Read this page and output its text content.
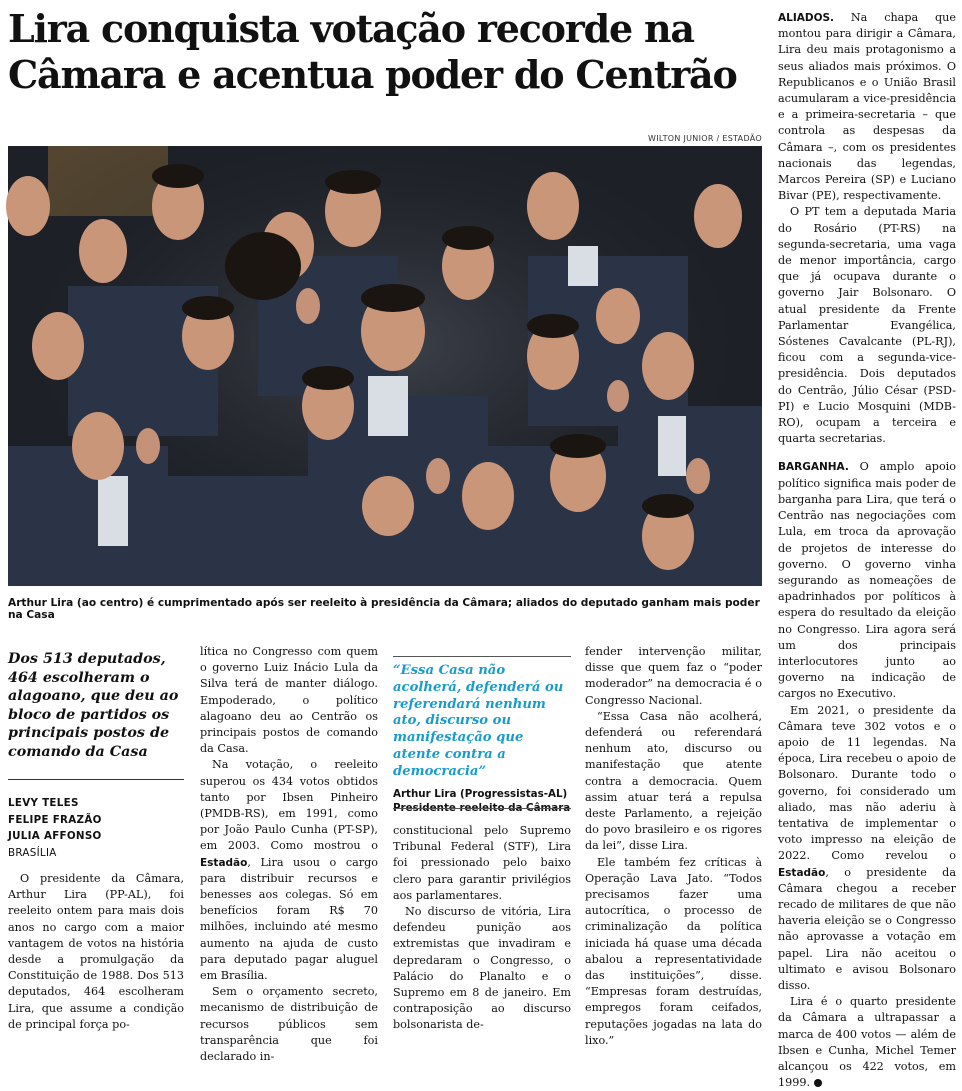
Lira conquista votação recorde na Câmara e acentua poder do Centrão
WILTON JUNIOR / ESTADÃO
Arthur Lira (ao centro) é cumprimentado após ser reeleito à presidência da Câmara; aliados do deputado ganham mais poder na Casa
Dos 513 deputados, 464 escolheram o alagoano, que deu ao bloco de partidos os principais postos de comando da Casa
LEVY TELES
FELIPE FRAZÃO
JULIA AFFONSO
BRASÍLIA

O presidente da Câmara, Arthur Lira (PP-AL), foi reeleito ontem para mais dois anos no cargo com a maior vantagem de votos na história desde a promulgação da Constituição de 1988. Dos 513 deputados, 464 escolheram Lira, que assume a condição de principal força po-

lítica no Congresso com quem o governo Luiz Inácio Lula da Silva terá de manter diálogo. Empoderado, o político alagoano deu ao Centrão os principais postos de comando da Casa.

Na votação, o reeleito superou os 434 votos obtidos tanto por Ibsen Pinheiro (PMDB-RS), em 1991, como por João Paulo Cunha (PT-SP), em 2003. Como mostrou o Estadão, Lira usou o cargo para distribuir recursos e benesses aos colegas. Só em benefícios foram R$ 70 milhões, incluindo até mesmo aumento na ajuda de custo para deputado pagar aluguel em Brasília.

Sem o orçamento secreto, mecanismo de distribuição de recursos públicos sem transparência que foi declarado in-

“Essa Casa não acolherá, defenderá ou referendará nenhum ato, discurso ou manifestação que atente contra a democracia”
Arthur Lira (Progressistas-AL)
Presidente reeleito da Câmara

constitucional pelo Supremo Tribunal Federal (STF), Lira foi pressionado pelo baixo clero para garantir privilégios aos parlamentares.

No discurso de vitória, Lira defendeu punição aos extremistas que invadiram e depredaram o Congresso, o Palácio do Planalto e o Supremo em 8 de janeiro. Em contraposição ao discurso bolsonarista de-

fender intervenção militar, disse que quem faz o “poder moderador” na democracia é o Congresso Nacional.

“Essa Casa não acolherá, defenderá ou referendará nenhum ato, discurso ou manifestação que atente contra a democracia. Quem assim atuar terá a repulsa deste Parlamento, a rejeição do povo brasileiro e os rigores da lei”, disse Lira.

Ele também fez críticas à Operação Lava Jato. “Todos precisamos fazer uma autocrítica, o processo de criminalização da política iniciada há quase uma década abalou a representatividade das instituições”, disse. “Empresas foram destruídas, empregos foram ceifados, reputações jogadas na lata do lixo.”

ALIADOS. Na chapa que montou para dirigir a Câmara, Lira deu mais protagonismo a seus aliados mais próximos. O Republicanos e o União Brasil acumularam a vice-presidência e a primeira-secretaria – que controla as despesas da Câmara –, com os presidentes nacionais das legendas, Marcos Pereira (SP) e Luciano Bivar (PE), respectivamente.

O PT tem a deputada Maria do Rosário (PT-RS) na segunda-secretaria, uma vaga de menor importância, cargo que já ocupava durante o governo Jair Bolsonaro. O atual presidente da Frente Parlamentar Evangélica, Sóstenes Cavalcante (PL-RJ), ficou com a segunda-vice-presidência. Dois deputados do Centrão, Júlio César (PSD-PI) e Lucio Mosquini (MDB-RO), ocupam a terceira e quarta secretarias.

BARGANHA. O amplo apoio político significa mais poder de barganha para Lira, que terá o Centrão nas negociações com Lula, em troca da aprovação de projetos de interesse do governo. O governo vinha segurando as nomeações de apadrinhados por políticos à espera do resultado da eleição no Congresso. Lira agora será um dos principais interlocutores junto ao governo na indicação de cargos no Executivo.

Em 2021, o presidente da Câmara teve 302 votos e o apoio de 11 legendas. Na época, Lira recebeu o apoio de Bolsonaro. Durante todo o governo, foi considerado um aliado, mas não aderiu à tentativa de implementar o voto impresso na eleição de 2022. Como revelou o Estadão, o presidente da Câmara chegou a receber recado de militares de que não haveria eleição se o Congresso não aprovasse a votação em papel. Lira não aceitou o ultimato e avisou Bolsonaro disso.

Lira é o quarto presidente da Câmara a ultrapassar a marca de 400 votos — além de Ibsen e Cunha, Michel Temer alcançou os 422 votos, em 1999.
